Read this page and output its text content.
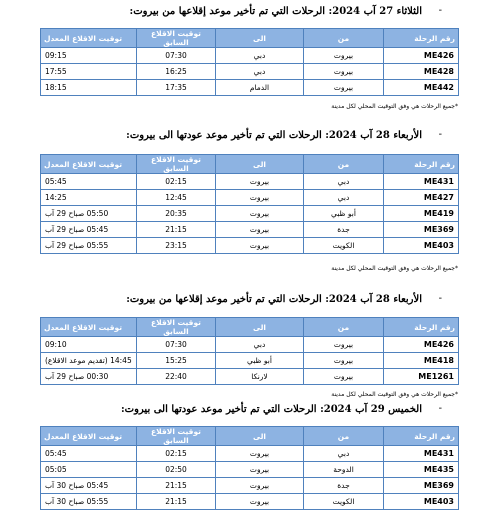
-
الثلاثاء 27 آب 2024: الرحلات التي تم تأخير موعد إقلاعها من بيروت:
رقم الرحلة	من	الى	توقيت الاقلاع السابق	توقيت الاقلاع المعدل
ME426	بيروت	دبي	07:30	09:15
ME428	بيروت	دبي	16:25	17:55
ME442	بيروت	الدمام	17:35	18:15
*جميع الرحلات هي وفق التوقيت المحلي لكل مدينة
-
الأربعاء 28 آب 2024: الرحلات التي تم تأخير موعد عودتها الى بيروت:
رقم الرحلة	من	الى	توقيت الاقلاع السابق	توقيت الاقلاع المعدل
ME431	دبي	بيروت	02:15	05:45
ME427	دبي	بيروت	12:45	14:25
ME419	أبو ظبي	بيروت	20:35	05:50 صباح 29 آب
ME369	جدة	بيروت	21:15	05:45 صباح 29 آب
ME403	الكويت	بيروت	23:15	05:55 صباح 29 آب
*جميع الرحلات هي وفق التوقيت المحلي لكل مدينة
-
الأربعاء 28 آب 2024: الرحلات التي تم تأخير موعد إقلاعها من بيروت:
رقم الرحلة	من	الى	توقيت الاقلاع السابق	توقيت الاقلاع المعدل
ME426	بيروت	دبي	07:30	09:10
ME418	بيروت	أبو ظبي	15:25	14:45 (تقديم موعد الاقلاع)
ME1261	بيروت	لارنكا	22:40	00:30 صباح 29 آب
*جميع الرحلات هي وفق التوقيت المحلي لكل مدينة
-
الخميس 29 آب 2024: الرحلات التي تم تأخير موعد عودتها الى بيروت:
رقم الرحلة	من	الى	توقيت الاقلاع السابق	توقيت الاقلاع المعدل
ME431	دبي	بيروت	02:15	05:45
ME435	الدوحة	بيروت	02:50	05:05
ME369	جدة	بيروت	21:15	05:45 صباح 30 آب
ME403	الكويت	بيروت	21:15	05:55 صباح 30 آب
